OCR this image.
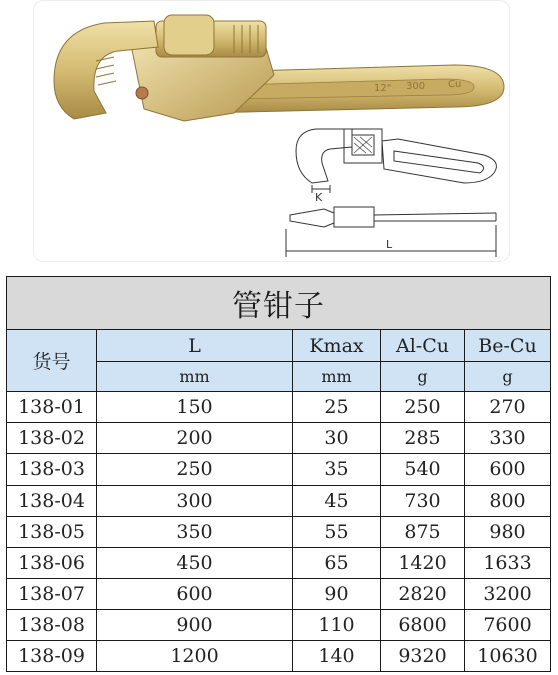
12" 300 Cu
K
L
管钳子				
货号	L	Kmax	Al-Cu	Be-Cu
	mm	mm	g	g
138-01	150	25	250	270
138-02	200	30	285	330
138-03	250	35	540	600
138-04	300	45	730	800
138-05	350	55	875	980
138-06	450	65	1420	1633
138-07	600	90	2820	3200
138-08	900	110	6800	7600
138-09	1200	140	9320	10630
